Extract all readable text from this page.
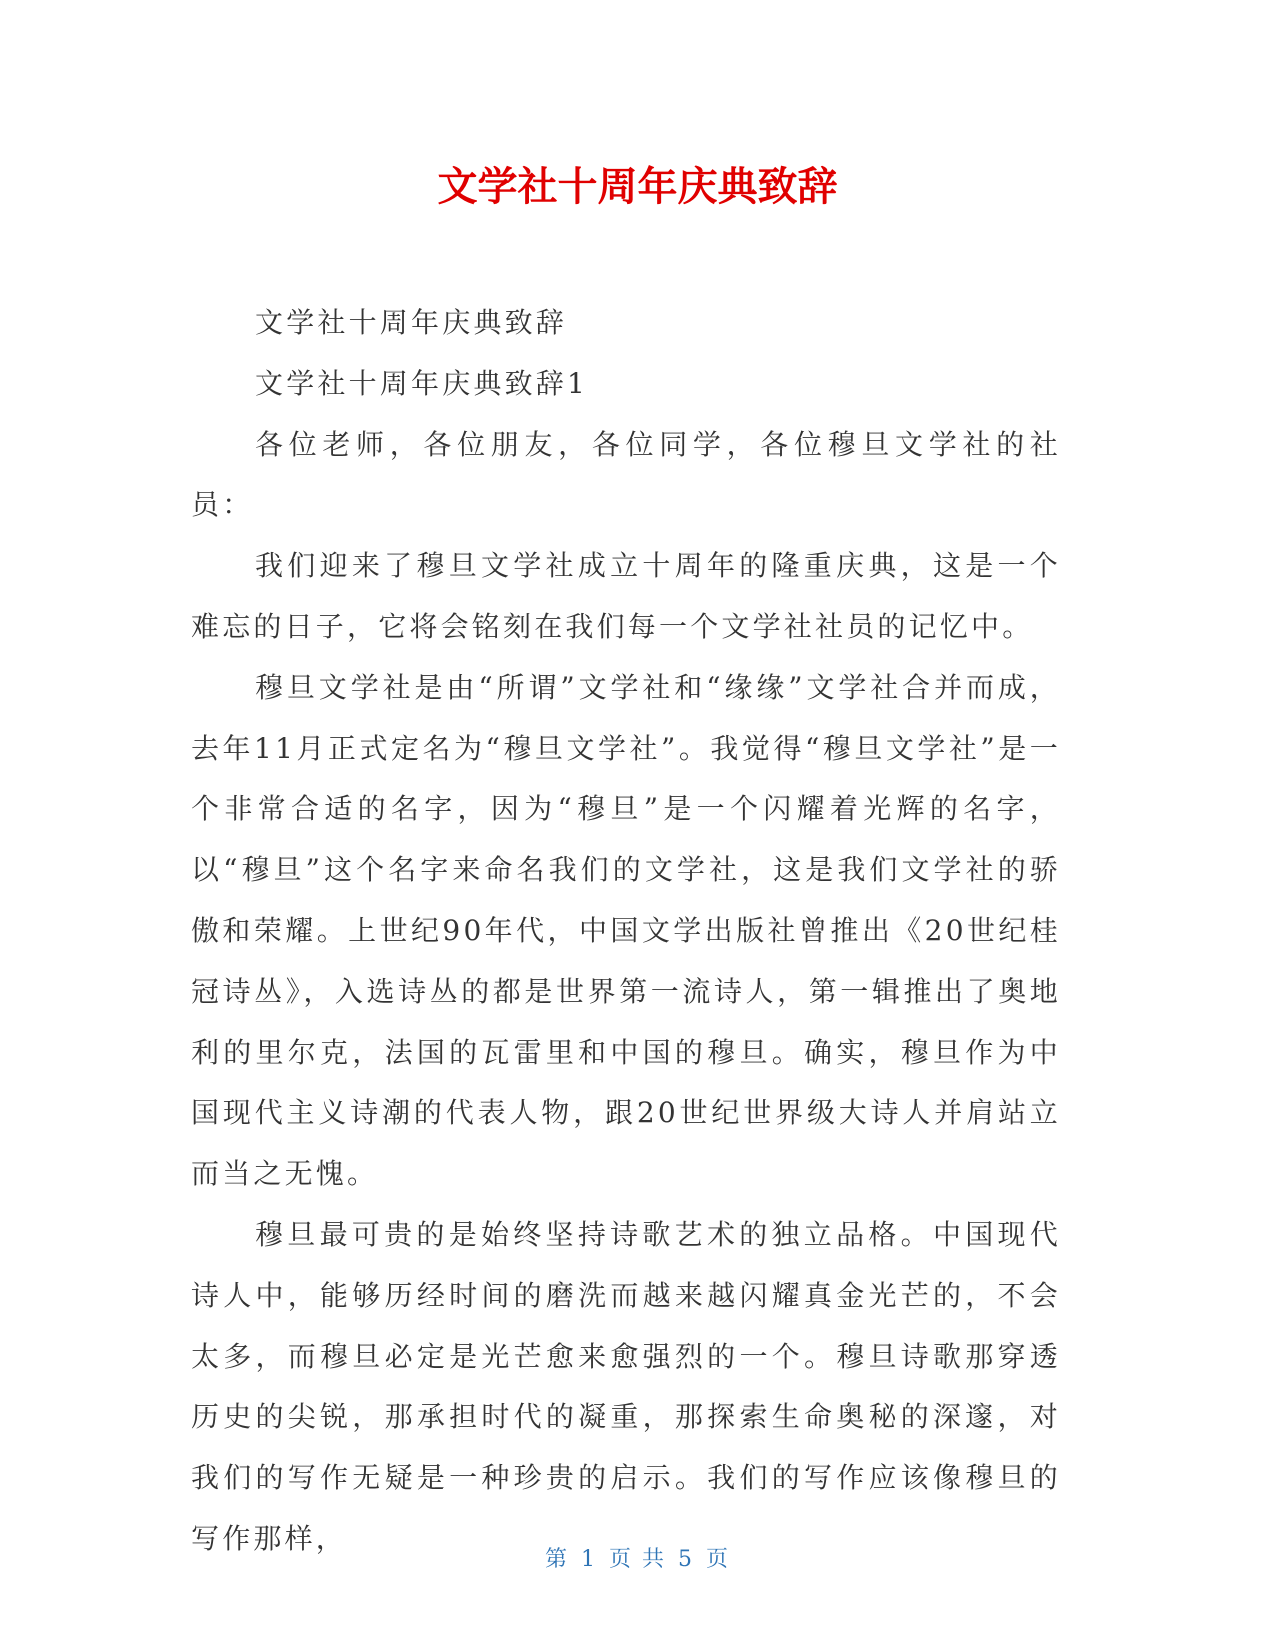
文学社十周年庆典致辞

文学社十周年庆典致辞

文学社十周年庆典致辞1

各位老师，各位朋友，各位同学，各位穆旦文学社的社员：

我们迎来了穆旦文学社成立十周年的隆重庆典，这是一个难忘的日子，它将会铭刻在我们每一个文学社社员的记忆中。

穆旦文学社是由“所谓”文学社和“缘缘”文学社合并而成，去年11月正式定名为“穆旦文学社”。我觉得“穆旦文学社”是一个非常合适的名字，因为“穆旦”是一个闪耀着光辉的名字，以“穆旦”这个名字来命名我们的文学社，这是我们文学社的骄傲和荣耀。上世纪90年代，中国文学出版社曾推出《20世纪桂冠诗丛》，入选诗丛的都是世界第一流诗人，第一辑推出了奥地利的里尔克，法国的瓦雷里和中国的穆旦。确实，穆旦作为中国现代主义诗潮的代表人物，跟20世纪世界级大诗人并肩站立而当之无愧。

穆旦最可贵的是始终坚持诗歌艺术的独立品格。中国现代诗人中，能够历经时间的磨洗而越来越闪耀真金光芒的，不会太多，而穆旦必定是光芒愈来愈强烈的一个。穆旦诗歌那穿透历史的尖锐，那承担时代的凝重，那探索生命奥秘的深邃，对我们的写作无疑是一种珍贵的启示。我们的写作应该像穆旦的写作那样，

第 1 页 共 5 页
